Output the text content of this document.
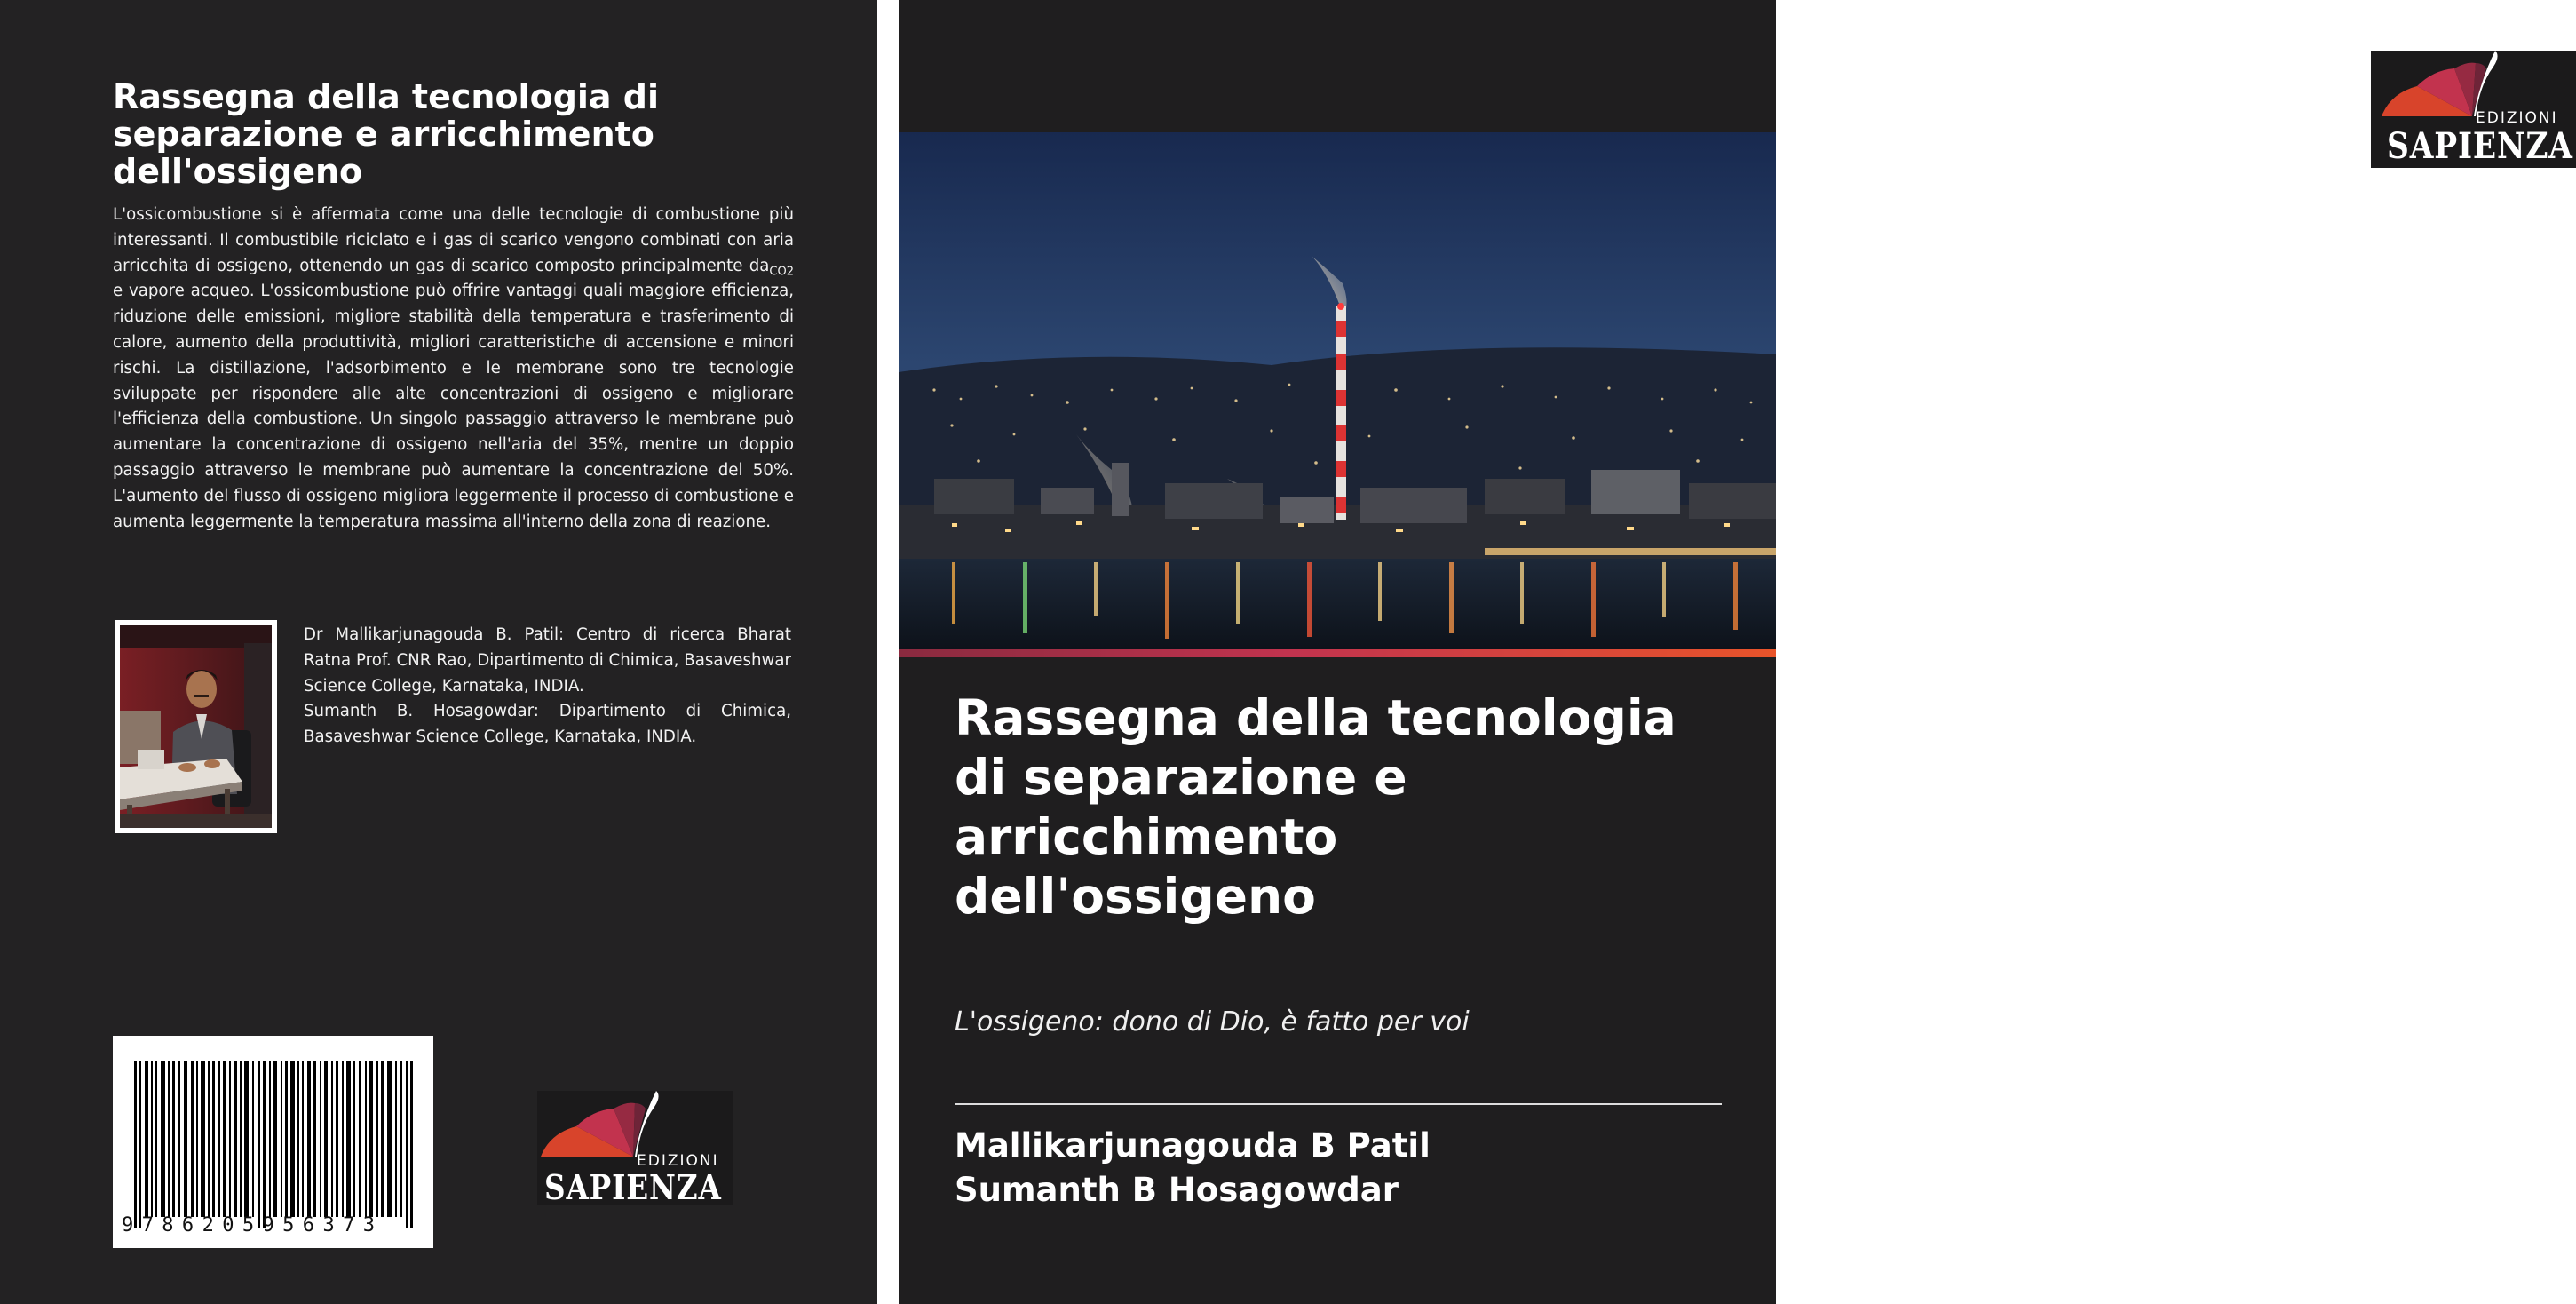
Rassegna della tecnologia di separazione e arricchimento dell'ossigeno

L'ossicombustione si è affermata come una delle tecnologie di combustione più interessanti. Il combustibile riciclato e i gas di scarico vengono combinati con aria arricchita di ossigeno, ottenendo un gas di scarico composto principalmente $da_{CO2}$ e vapore acqueo. L'ossicombustione può offrire vantaggi quali maggiore efficienza, riduzione delle emissioni, migliore stabilità della temperatura e trasferimento di calore, aumento della produttività, migliori caratteristiche di accensione e minori rischi. La distillazione, l'adsorbimento e le membrane sono tre tecnologie sviluppate per rispondere alle alte concentrazioni di ossigeno e migliorare l'efficienza della combustione. Un singolo passaggio attraverso le membrane può aumentare la concentrazione di ossigeno nell'aria del 35%, mentre un doppio passaggio attraverso le membrane può aumentare la concentrazione del 50%. L'aumento del flusso di ossigeno migliora leggermente il processo di combustione e aumenta leggermente la temperatura massima all'interno della zona di reazione.

Dr Mallikarjunagouda B. Patil: Centro di ricerca Bharat Ratna Prof. CNR Rao, Dipartimento di Chimica, Basaveshwar Science College, Karnataka, INDIA.

Sumanth B. Hosagowdar: Dipartimento di Chimica, Basaveshwar Science College, Karnataka, INDIA.

9786205956373
EDIZIONI
SAPIENZA
EDIZIONI
SAPIENZA
Rassegna della tecnologia di separazione e arricchimento dell'ossigeno

L'ossigeno: dono di Dio, è fatto per voi

Mallikarjunagouda B Patil
Sumanth B Hosagowdar
